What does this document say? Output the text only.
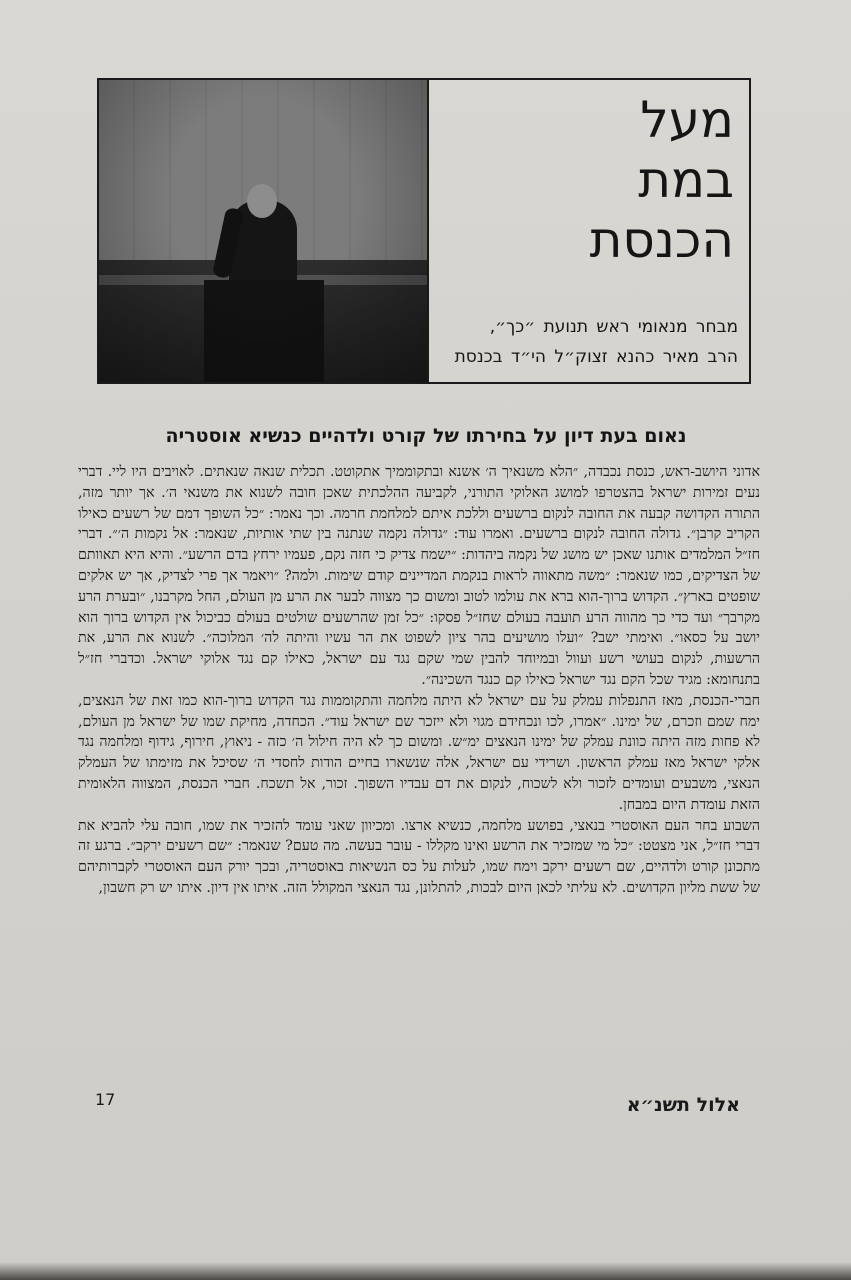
מעל
במת
הכנסת
מבחר מנאומי ראש תנועת ״כך״,
הרב מאיר כהנא זצוק״ל הי״ד בכנסת
נאום בעת דיון על בחירתו של קורט ולדהיים כנשיא אוסטריה

אדוני היושב-ראש, כנסת נכבדה, ״הלא משנאיך ה׳ אשנא ובתקוממיך אתקוטט. תכלית שנאה שנאתים. לאויבים היו ליי. דברי נעים זמירות ישראל בהצטרפו למושג האלוקי התורני, לקביעה ההלכתית שאכן חובה לשנוא את משנאי ה׳. אך יותר מזה, התורה הקדושה קבעה את החובה לנקום ברשעים וללכת איתם למלחמת חרמה. וכך נאמר: ״כל השופך דמם של רשעים כאילו הקריב קרבן״. גדולה החובה לנקום ברשעים. ואמרו עוד: ״גדולה נקמה שנתנה בין שתי אותיות, שנאמר: אל נקמות ה׳״. דברי חז״ל המלמדים אותנו שאכן יש מושג של נקמה ביהדות: ״ישמח צדיק כי חזה נקם, פעמיו ירחץ בדם הרשע״. והיא היא תאוותם של הצדיקים, כמו שנאמר: ״משה מתאווה לראות בנקמת המדיינים קודם שימות. ולמה? ״ויאמר אך פרי לצדיק, אך יש אלקים שופטים בארץ״. הקדוש ברוך-הוא ברא את עולמו לטוב ומשום כך מצווה לבער את הרע מן העולם, החל מקרבנו, ״ובערת הרע מקרבך״ ועד כדי כך מהווה הרע תועבה בעולם שחז״ל פסקו: ״כל זמן שהרשעים שולטים בעולם כביכול אין הקדוש ברוך הוא יושב על כסאו״. ואימתי ישב? ״ועלו מושיעים בהר ציון לשפוט את הר עשיו והיתה לה׳ המלוכה״. לשנוא את הרע, את הרשעות, לנקום בעושי רשע ועוול ובמיוחד להבין שמי שקם נגד עם ישראל, כאילו קם נגד אלוקי ישראל. וכדברי חז״ל בתנחומא: מגיד שכל הקם נגד ישראל כאילו קם כנגד השכינה״.

חברי-הכנסת, מאז התנפלות עמלק על עם ישראל לא היתה מלחמה והתקוממות נגד הקדוש ברוך-הוא כמו זאת של הנאצים, ימח שמם וזכרם, של ימינו. ״אמרו, לכו ונכחידם מגוי ולא ייזכר שם ישראל עוד״. הכחדה, מחיקת שמו של ישראל מן העולם, לא פחות מזה היתה כוונת עמלק של ימינו הנאצים ימ״ש. ומשום כך לא היה חילול ה׳ כזה - ניאוץ, חירוף, גידוף ומלחמה נגד אלקי ישראל מאז עמלק הראשון. ושרידי עם ישראל, אלה שנשארו בחיים הודות לחסדי ה׳ שסיכל את מזימתו של העמלק הנאצי, משבעים ועומדים לזכור ולא לשכוח, לנקום את דם עבדיו השפוך. זכור, אל תשכח. חברי הכנסת, המצווה הלאומית הזאת עומדת היום במבחן.

השבוע בחר העם האוסטרי בנאצי, בפושע מלחמה, כנשיא ארצו. ומכיוון שאני עומד להזכיר את שמו, חובה עלי להביא את דברי חז״ל, אני מצטט: ״כל מי שמזכיר את הרשע ואינו מקללו - עובר בעשה. מה טעם? שנאמר: ״שם רשעים ירקב״. ברגע זה מתכונן קורט ולדהיים, שם רשעים ירקב וימח שמו, לעלות על כס הנשיאות באוסטריה, ובכך יורק העם האוסטרי לקברותיהם של ששת מליון הקדושים. לא עליתי לכאן היום לבכות, להתלונן, נגד הנאצי המקולל הזה. איתו אין דיון. איתו יש רק חשבון,

17	אלול תשנ״א
